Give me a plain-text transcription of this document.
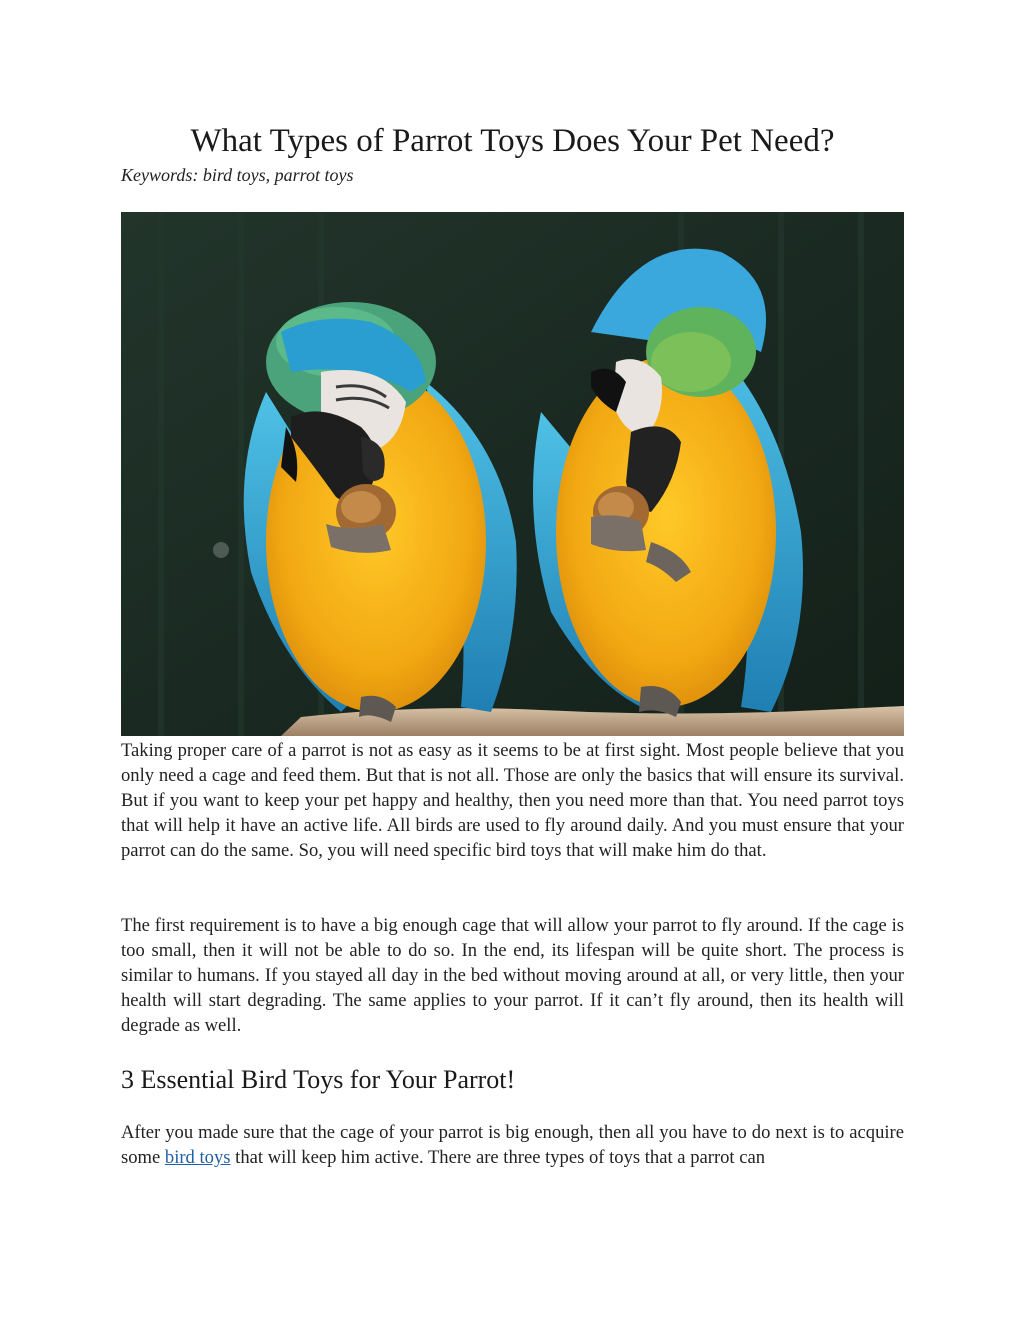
What Types of Parrot Toys Does Your Pet Need?
Keywords: bird toys, parrot toys

Taking proper care of a parrot is not as easy as it seems to be at first sight. Most people believe that you only need a cage and feed them. But that is not all. Those are only the basics that will ensure its survival. But if you want to keep your pet happy and healthy, then you need more than that. You need parrot toys that will help it have an active life. All birds are used to fly around daily. And you must ensure that your parrot can do the same. So, you will need specific bird toys that will make him do that.

The first requirement is to have a big enough cage that will allow your parrot to fly around. If the cage is too small, then it will not be able to do so. In the end, its lifespan will be quite short. The process is similar to humans. If you stayed all day in the bed without moving around at all, or very little, then your health will start degrading. The same applies to your parrot. If it can’t fly around, then its health will degrade as well.

3 Essential Bird Toys for Your Parrot!

After you made sure that the cage of your parrot is big enough, then all you have to do next is to acquire some bird toys that will keep him active. There are three types of toys that a parrot can
